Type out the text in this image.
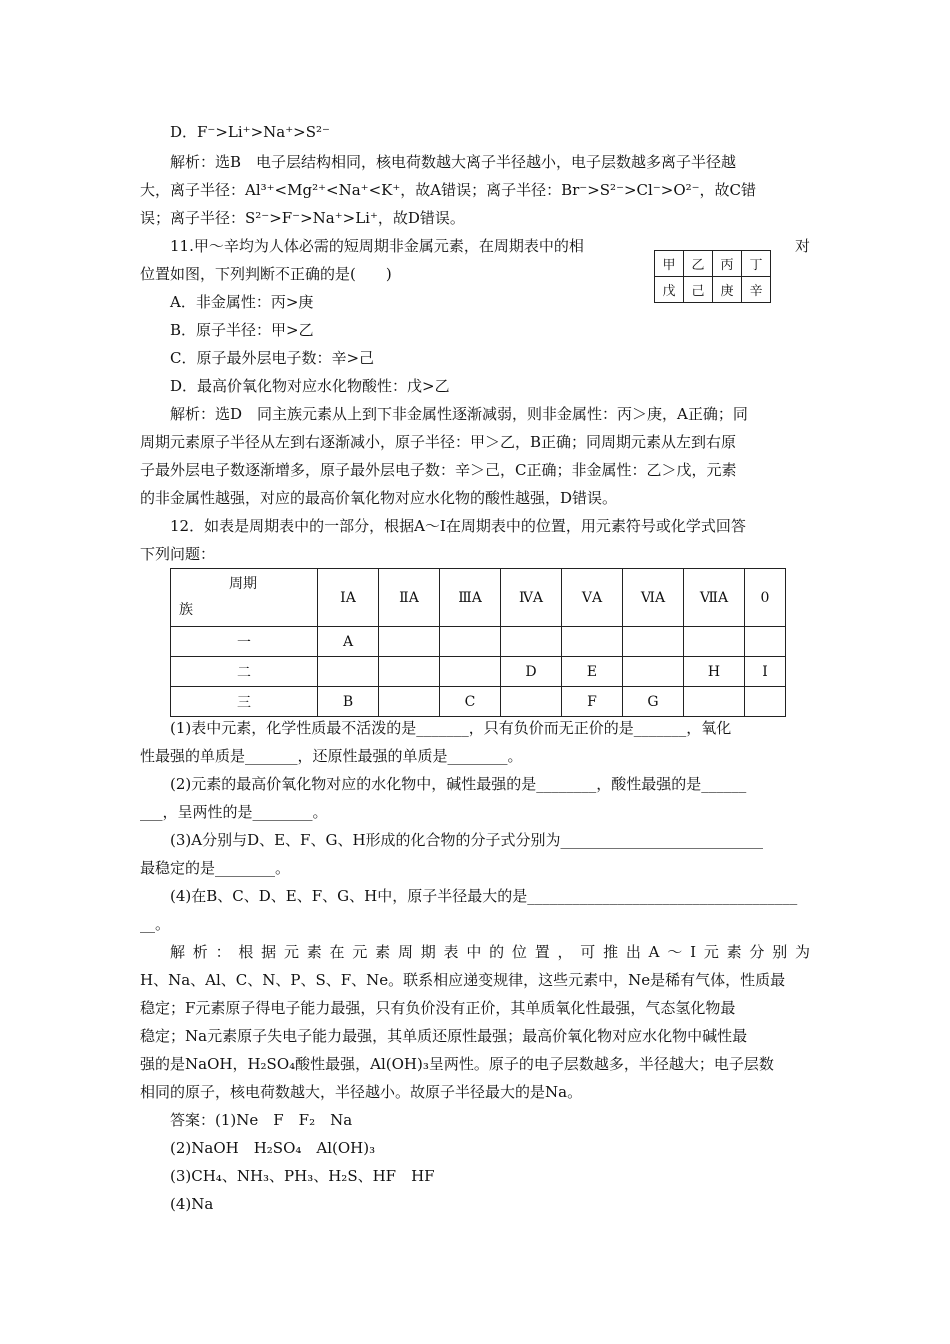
D．F⁻>Li⁺>Na⁺>S²⁻
解析：选B　电子层结构相同，核电荷数越大离子半径越小，电子层数越多离子半径越
大，离子半径：Al³⁺<Mg²⁺<Na⁺<K⁺，故A错误；离子半径：Br⁻>S²⁻>Cl⁻>O²⁻，故C错
误；离子半径：S²⁻>F⁻>Na⁺>Li⁺，故D错误。
11.甲～辛均为人体必需的短周期非金属元素，在周期表中的相	对
位置如图，下列判断不正确的是(　　)	甲	乙	丙	丁
戊	己	庚	辛
A．非金属性：丙>庚
B．原子半径：甲>乙
C．原子最外层电子数：辛>己
D．最高价氧化物对应水化物酸性：戊>乙
解析：选D　同主族元素从上到下非金属性逐渐减弱，则非金属性：丙＞庚，A正确；同
周期元素原子半径从左到右逐渐减小，原子半径：甲＞乙，B正确；同周期元素从左到右原
子最外层电子数逐渐增多，原子最外层电子数：辛＞己，C正确；非金属性：乙＞戊，元素
的非金属性越强，对应的最高价氧化物对应水化物的酸性越强，D错误。
12．如表是周期表中的一部分，根据A～I在周期表中的位置，用元素符号或化学式回答
下列问题：
周期
族	ⅠA	ⅡA	ⅢA	ⅣA	ⅤA	ⅥA	ⅦA	0
一	A							
二				D	E		H	I
三	B		C		F	G		
(1)表中元素，化学性质最不活泼的是_______，只有负价而无正价的是_______，氧化
性最强的单质是_______，还原性最强的单质是________。
(2)元素的最高价氧化物对应的水化物中，碱性最强的是________，酸性最强的是______
___，呈两性的是________。
(3)A分别与D、E、F、G、H形成的化合物的分子式分别为___________________________
最稳定的是________。
(4)在B、C、D、E、F、G、H中，原子半径最大的是____________________________________
__。
解析：根据元素在元素周期表中的位置，可推出A～I元素分别为
H、Na、Al、C、N、P、S、F、Ne。联系相应递变规律，这些元素中，Ne是稀有气体，性质最
稳定；F元素原子得电子能力最强，只有负价没有正价，其单质氧化性最强，气态氢化物最
稳定；Na元素原子失电子能力最强，其单质还原性最强；最高价氧化物对应水化物中碱性最
强的是NaOH，H₂SO₄酸性最强，Al(OH)₃呈两性。原子的电子层数越多，半径越大；电子层数
相同的原子，核电荷数越大，半径越小。故原子半径最大的是Na。
答案：(1)Ne　F　F₂　Na
(2)NaOH　H₂SO₄　Al(OH)₃
(3)CH₄、NH₃、PH₃、H₂S、HF　HF
(4)Na
